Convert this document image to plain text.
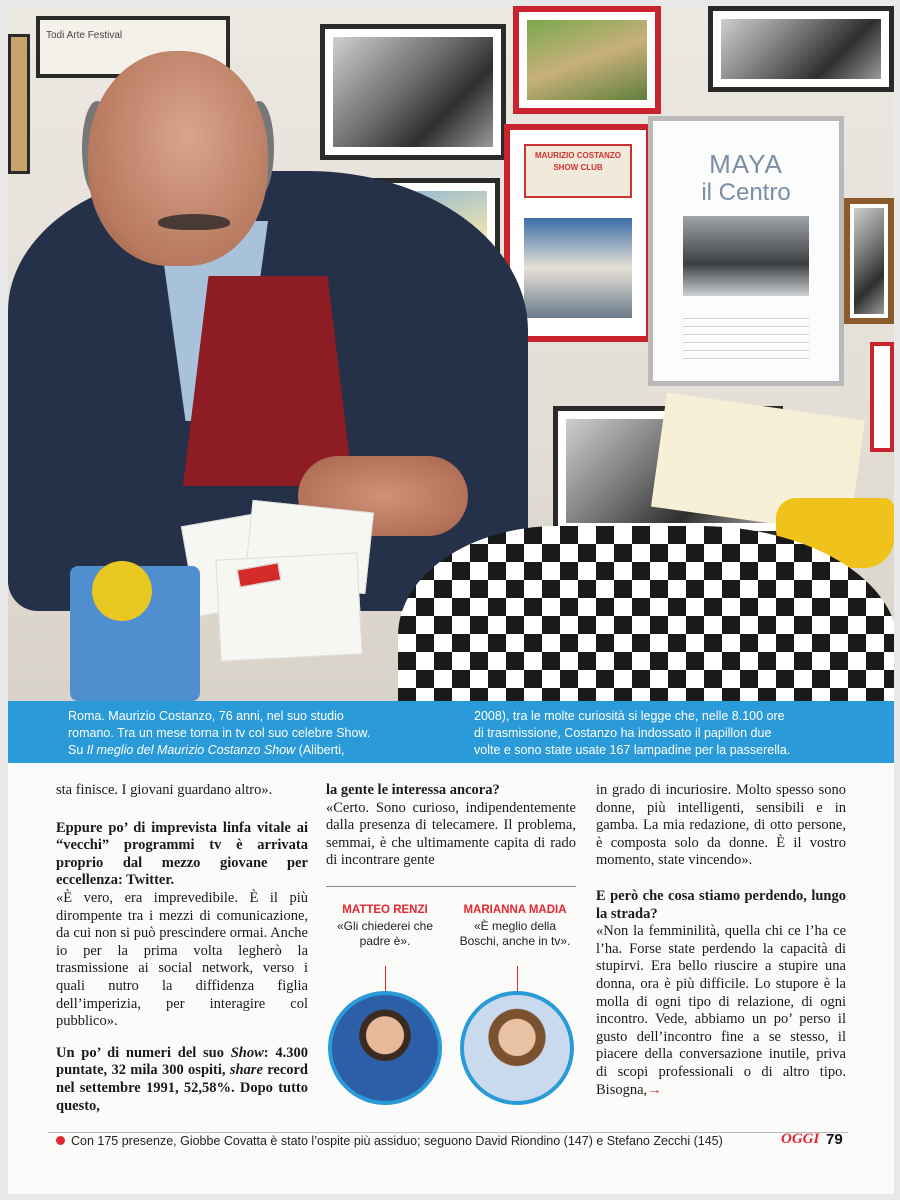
Todi Arte Festival
MAURIZIO COSTANZO SHOW CLUB	MAYA
il Centro
Roma. Maurizio Costanzo, 76 anni, nel suo studio
romano. Tra un mese torna in tv col suo celebre Show.
Su Il meglio del Maurizio Costanzo Show (Aliberti,
2008), tra le molte curiosità si legge che, nelle 8.100 ore
di trasmissione, Costanzo ha indossato il papillon due
volte e sono state usate 167 lampadine per la passerella.

sta finisce. I giovani guardano altro».

Eppure po’ di imprevista linfa vitale ai “vecchi” programmi tv è arrivata proprio dal mezzo giovane per eccellenza: Twitter.

«È vero, era imprevedibile. È il più dirompente tra i mezzi di comunicazione, da cui non si può prescindere ormai. Anche io per la prima volta legherò la trasmissione ai social network, verso i quali nutro la diffidenza figlia dell’imperizia, per interagire col pubblico».

Un po’ di numeri del suo Show: 4.300 puntate, 32 mila 300 ospiti, share record nel settembre 1991, 52,58%. Dopo tutto questo,

la gente le interessa ancora?

«Certo. Sono curioso, indipendentemente dalla presenza di telecamere. Il problema, semmai, è che ultimamente capita di rado di incontrare gente

MATTEO RENZI
«Gli chiederei che padre è».
MARIANNA MADIA
«È meglio della Boschi, anche in tv».

in grado di incuriosire. Molto spesso sono donne, più intelligenti, sensibili e in gamba. La mia redazione, di otto persone, è composta solo da donne. È il vostro momento, state vincendo».

E però che cosa stiamo perdendo, lungo la strada?

«Non la femminilità, quella chi ce l’ha ce l’ha. Forse state perdendo la capacità di stupirvi. Era bello riuscire a stupire una donna, ora è più difficile. Lo stupore è la molla di ogni tipo di relazione, di ogni incontro. Vede, abbiamo un po’ perso il gusto dell’incontro fine a se stesso, il piacere della conversazione inutile, priva di scopi professionali o di altro tipo. Bisogna,→

Con 175 presenze, Giobbe Covatta è stato l’ospite più assiduo; seguono David Riondino (147) e Stefano Zecchi (145)	OGGI 79
